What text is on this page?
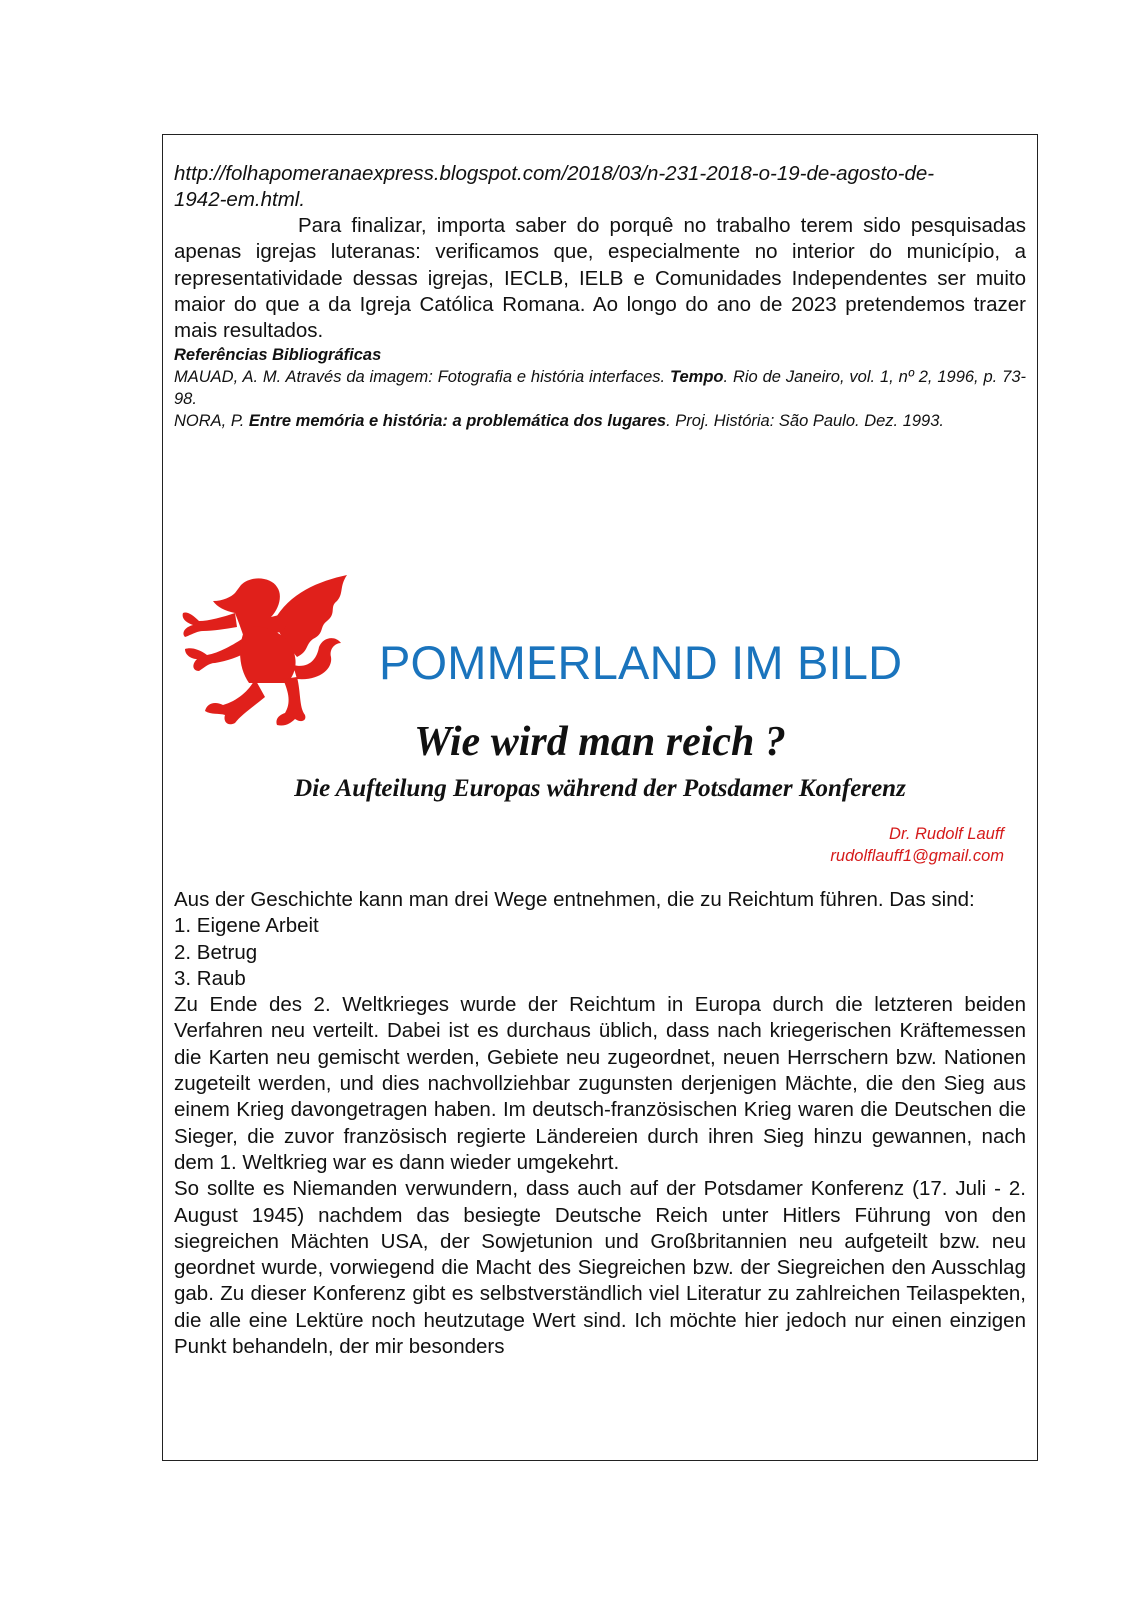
http://folhapomeranaexpress.blogspot.com/2018/03/n-231-2018-o-19-de-agosto-de-
1942-em.html.

Para finalizar, importa saber do porquê no trabalho terem sido pesquisadas apenas igrejas luteranas: verificamos que, especialmente no interior do município, a representatividade dessas igrejas, IECLB, IELB e Comunidades Independentes ser muito maior do que a da Igreja Católica Romana. Ao longo do ano de 2023 pretendemos trazer mais resultados.

Referências Bibliográficas

MAUAD, A. M. Através da imagem: Fotografia e história interfaces. Tempo. Rio de Janeiro, vol. 1, nº 2, 1996, p. 73-98.

NORA, P. Entre memória e história: a problemática dos lugares. Proj. História: São Paulo. Dez. 1993.

POMMERLAND IM BILD
Wie wird man reich ?
Die Aufteilung Europas während der Potsdamer Konferenz
Dr. Rudolf Lauff
rudolflauff1@gmail.com

Aus der Geschichte kann man drei Wege entnehmen, die zu Reichtum führen. Das sind:

1. Eigene Arbeit

2. Betrug

3. Raub

Zu Ende des 2. Weltkrieges wurde der Reichtum in Europa durch die letzteren beiden Verfahren neu verteilt. Dabei ist es durchaus üblich, dass nach kriegerischen Kräftemessen die Karten neu gemischt werden, Gebiete neu zugeordnet, neuen Herrschern bzw. Nationen zugeteilt werden, und dies nachvollziehbar zugunsten derjenigen Mächte, die den Sieg aus einem Krieg davongetragen haben. Im deutsch-französischen Krieg waren die Deutschen die Sieger, die zuvor französisch regierte Ländereien durch ihren Sieg hinzu gewannen, nach dem 1. Weltkrieg war es dann wieder umgekehrt.

So sollte es Niemanden verwundern, dass auch auf der Potsdamer Konferenz (17. Juli - 2. August 1945) nachdem das besiegte Deutsche Reich unter Hitlers Führung von den siegreichen Mächten USA, der Sowjetunion und Großbritannien neu aufgeteilt bzw. neu geordnet wurde, vorwiegend die Macht des Siegreichen bzw. der Siegreichen den Ausschlag gab. Zu dieser Konferenz gibt es selbstverständlich viel Literatur zu zahlreichen Teilaspekten, die alle eine Lektüre noch heutzutage Wert sind. Ich möchte hier jedoch nur einen einzigen Punkt behandeln, der mir besonders
